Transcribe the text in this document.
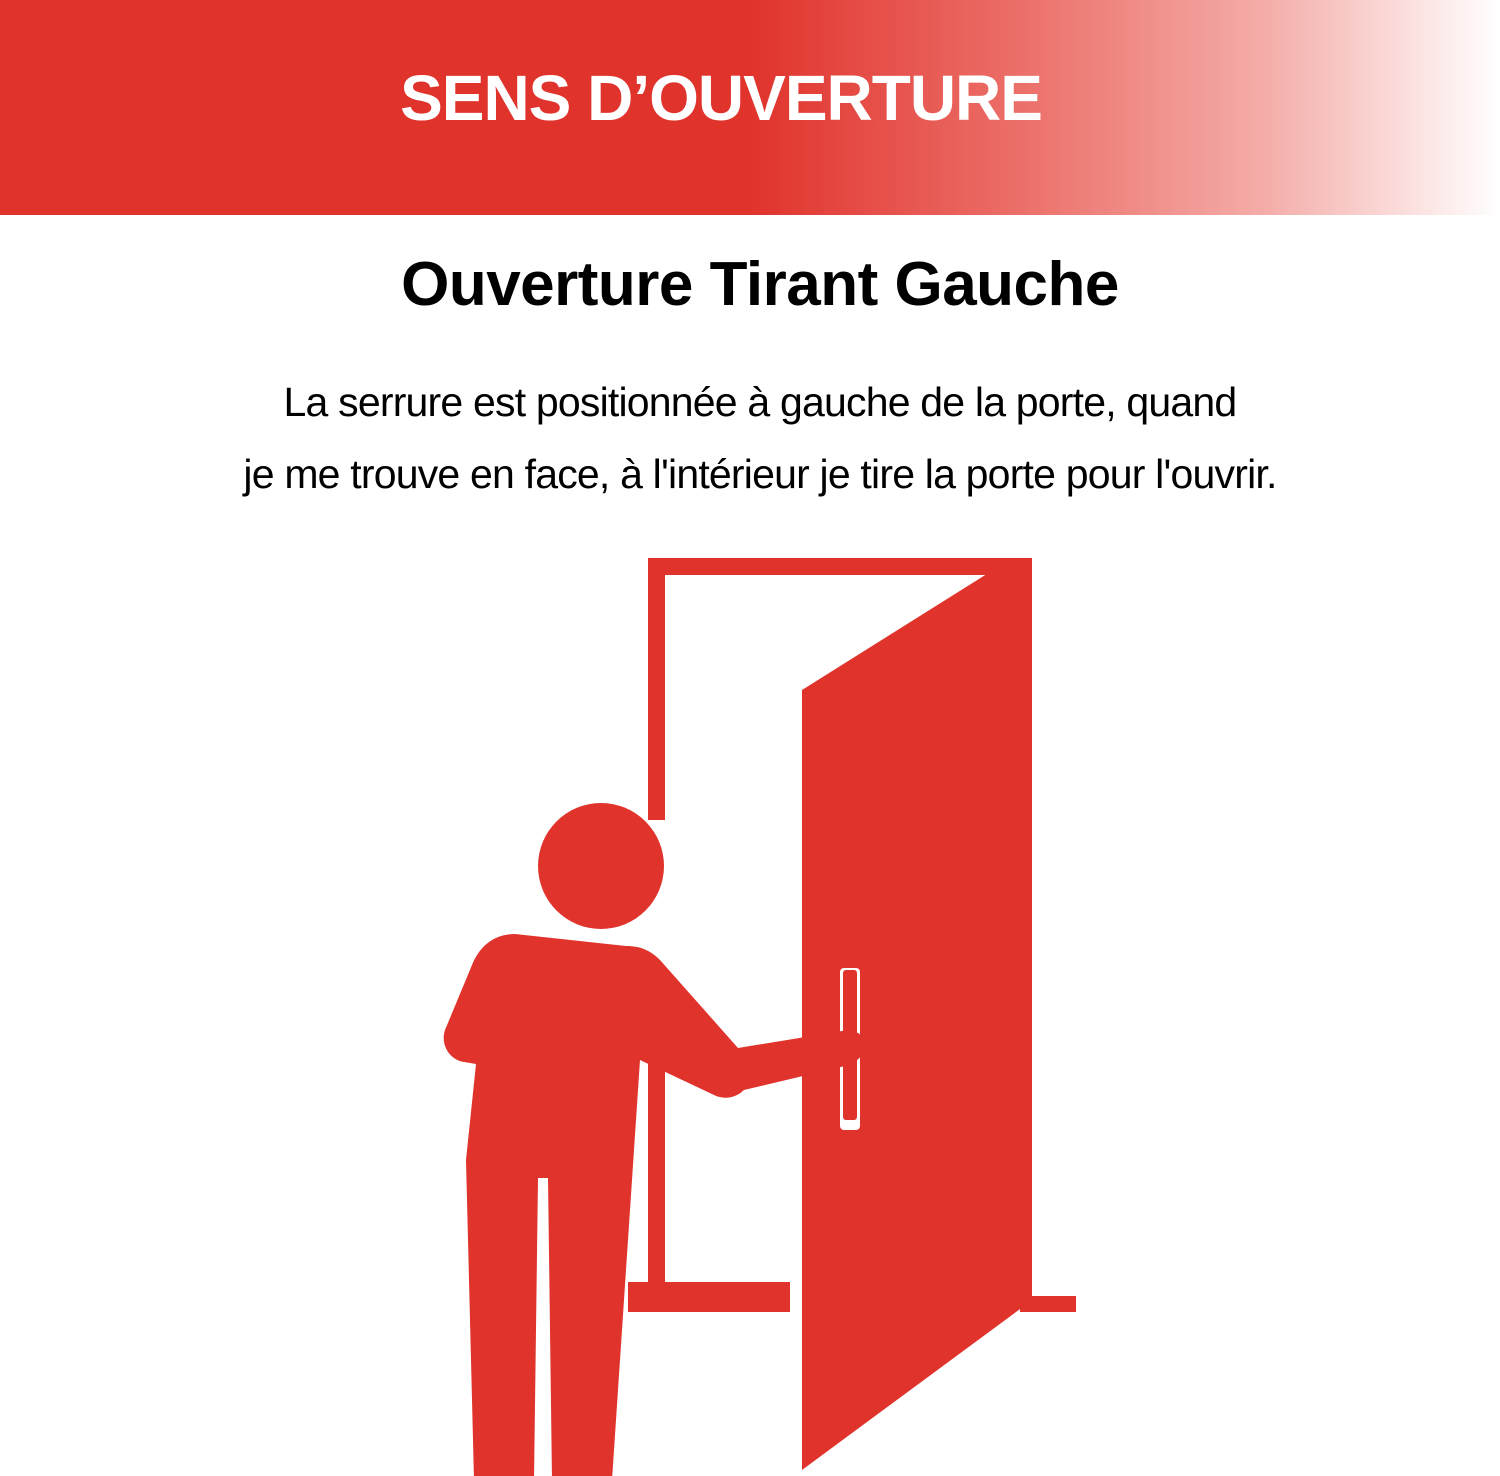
SENS D’OUVERTURE
Ouverture Tirant Gauche
La serrure est positionnée à gauche de la porte, quand
je me trouve en face, à l'intérieur je tire la porte pour l'ouvrir.
